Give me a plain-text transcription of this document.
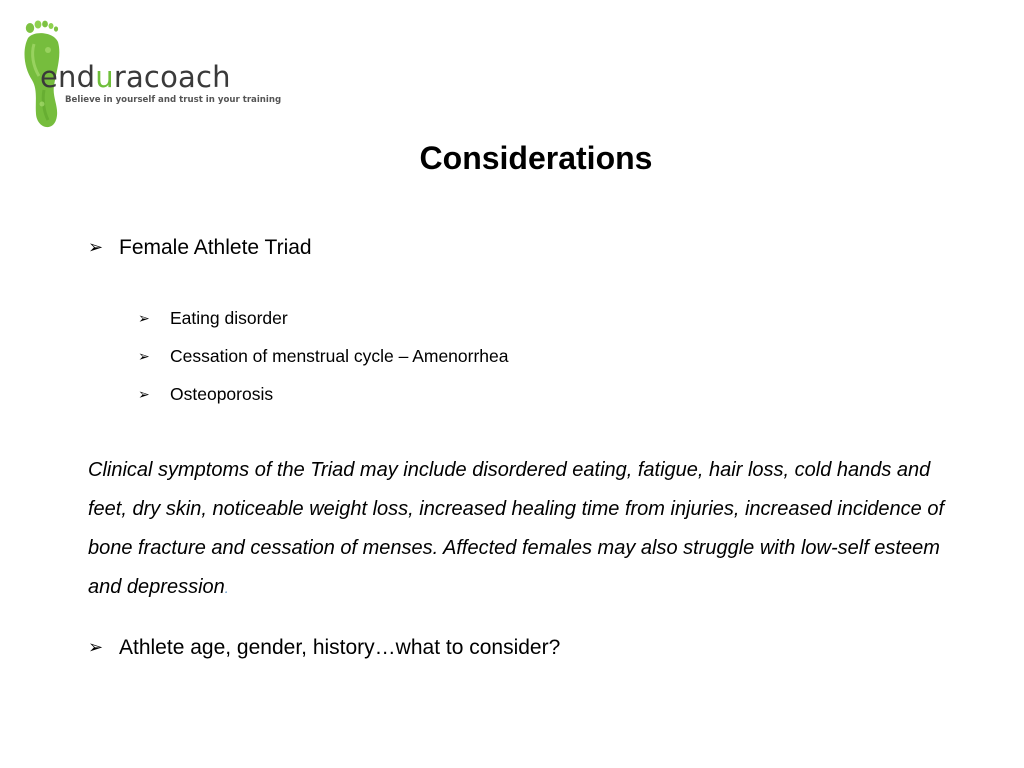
enduracoach
Believe in yourself and trust in your training
Considerations
➢ Female Athlete Triad
➢ Eating disorder
➢ Cessation of menstrual cycle – Amenorrhea
➢ Osteoporosis
Clinical symptoms of the Triad may include disordered eating, fatigue, hair loss, cold hands and feet, dry skin, noticeable weight loss, increased healing time from injuries, increased incidence of bone fracture and cessation of menses. Affected females may also struggle with low-self esteem and depression.
➢ Athlete age, gender, history…what to consider?
